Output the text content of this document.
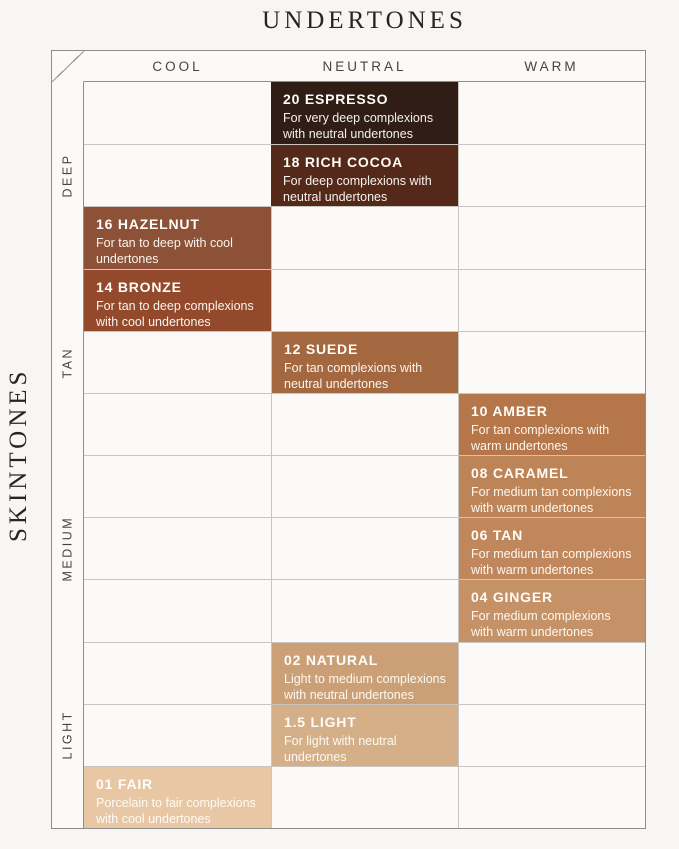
UNDERTONES
SKINTONES
COOL	NEUTRAL	WARM
DEEP
TAN
MEDIUM
LIGHT
20 ESPRESSO
For very deep complexions with neutral undertones
18 RICH COCOA
For deep complexions with neutral undertones
16 HAZELNUT
For tan to deep with cool undertones
14 BRONZE
For tan to deep complexions with cool undertones
12 SUEDE
For tan complexions with neutral undertones
10 AMBER
For tan complexions with warm undertones
08 CARAMEL
For medium tan complexions with warm undertones
06 TAN
For medium tan complexions with warm undertones
04 GINGER
For medium complexions with warm undertones
02 NATURAL
Light to medium complexions with neutral undertones
1.5 LIGHT
For light with neutral undertones
01 FAIR
Porcelain to fair complexions with cool undertones
